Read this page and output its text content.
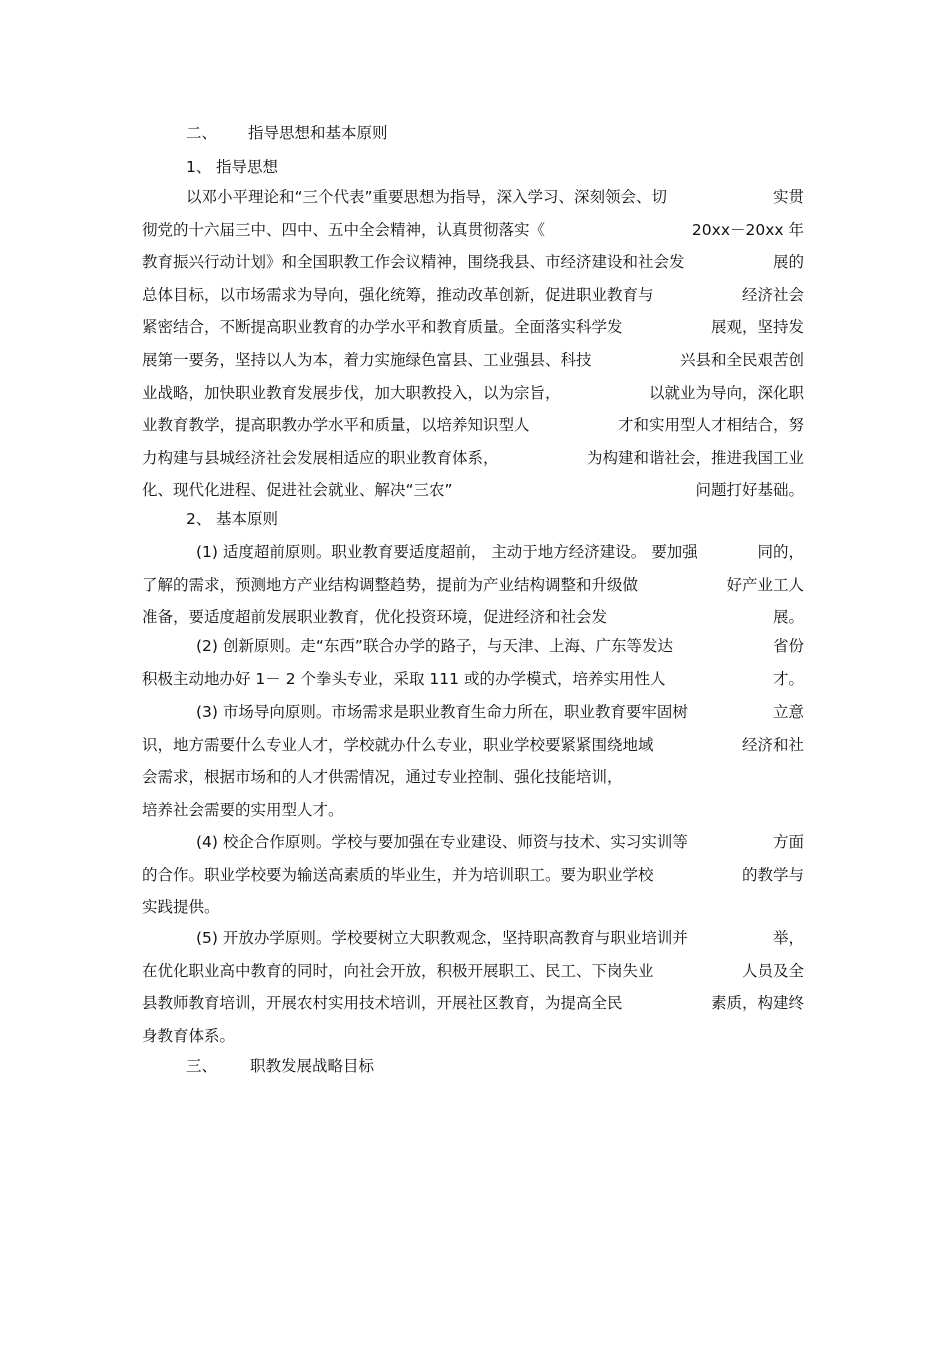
二、 指导思想和基本原则
1、 指导思想
以邓小平理论和“三个代表”重要思想为指导，深入学习、深刻领会、切	实贯
彻党的十六届三中、四中、五中全会精神，认真贯彻落实《	20xx－20xx 年
教育振兴行动计划》和全国职教工作会议精神，围绕我县、市经济建设和社会发	展的
总体目标，以市场需求为导向，强化统筹，推动改革创新，促进职业教育与	经济社会
紧密结合，不断提高职业教育的办学水平和教育质量。全面落实科学发	展观，坚持发
展第一要务，坚持以人为本，着力实施绿色富县、工业强县、科技	兴县和全民艰苦创
业战略，加快职业教育发展步伐，加大职教投入，以为宗旨，	以就业为导向，深化职
业教育教学，提高职教办学水平和质量，以培养知识型人	才和实用型人才相结合，努
力构建与县城经济社会发展相适应的职业教育体系，	为构建和谐社会，推进我国工业
化、现代化进程、促进社会就业、解决“三农”	问题打好基础。
2、 基本原则
(1) 适度超前原则。职业教育要适度超前， 主动于地方经济建设。 要加强	同的，
了解的需求，预测地方产业结构调整趋势，提前为产业结构调整和升级做	好产业工人
准备，要适度超前发展职业教育，优化投资环境，促进经济和社会发	展。
(2) 创新原则。走“东西”联合办学的路子，与天津、上海、广东等发达	省份
积极主动地办好 1－ 2 个拳头专业，采取 111 或的办学模式，培养实用性人	才。
(3) 市场导向原则。市场需求是职业教育生命力所在，职业教育要牢固树	立意
识，地方需要什么专业人才，学校就办什么专业，职业学校要紧紧围绕地域	经济和社
会需求，根据市场和的人才供需情况，通过专业控制、强化技能培训，
培养社会需要的实用型人才。
(4) 校企合作原则。学校与要加强在专业建设、师资与技术、实习实训等	方面
的合作。职业学校要为输送高素质的毕业生，并为培训职工。要为职业学校	的教学与
实践提供。
(5) 开放办学原则。学校要树立大职教观念，坚持职高教育与职业培训并	举，
在优化职业高中教育的同时，向社会开放，积极开展职工、民工、下岗失业	人员及全
县教师教育培训，开展农村实用技术培训，开展社区教育，为提高全民	素质，构建终
身教育体系。
三、 职教发展战略目标
